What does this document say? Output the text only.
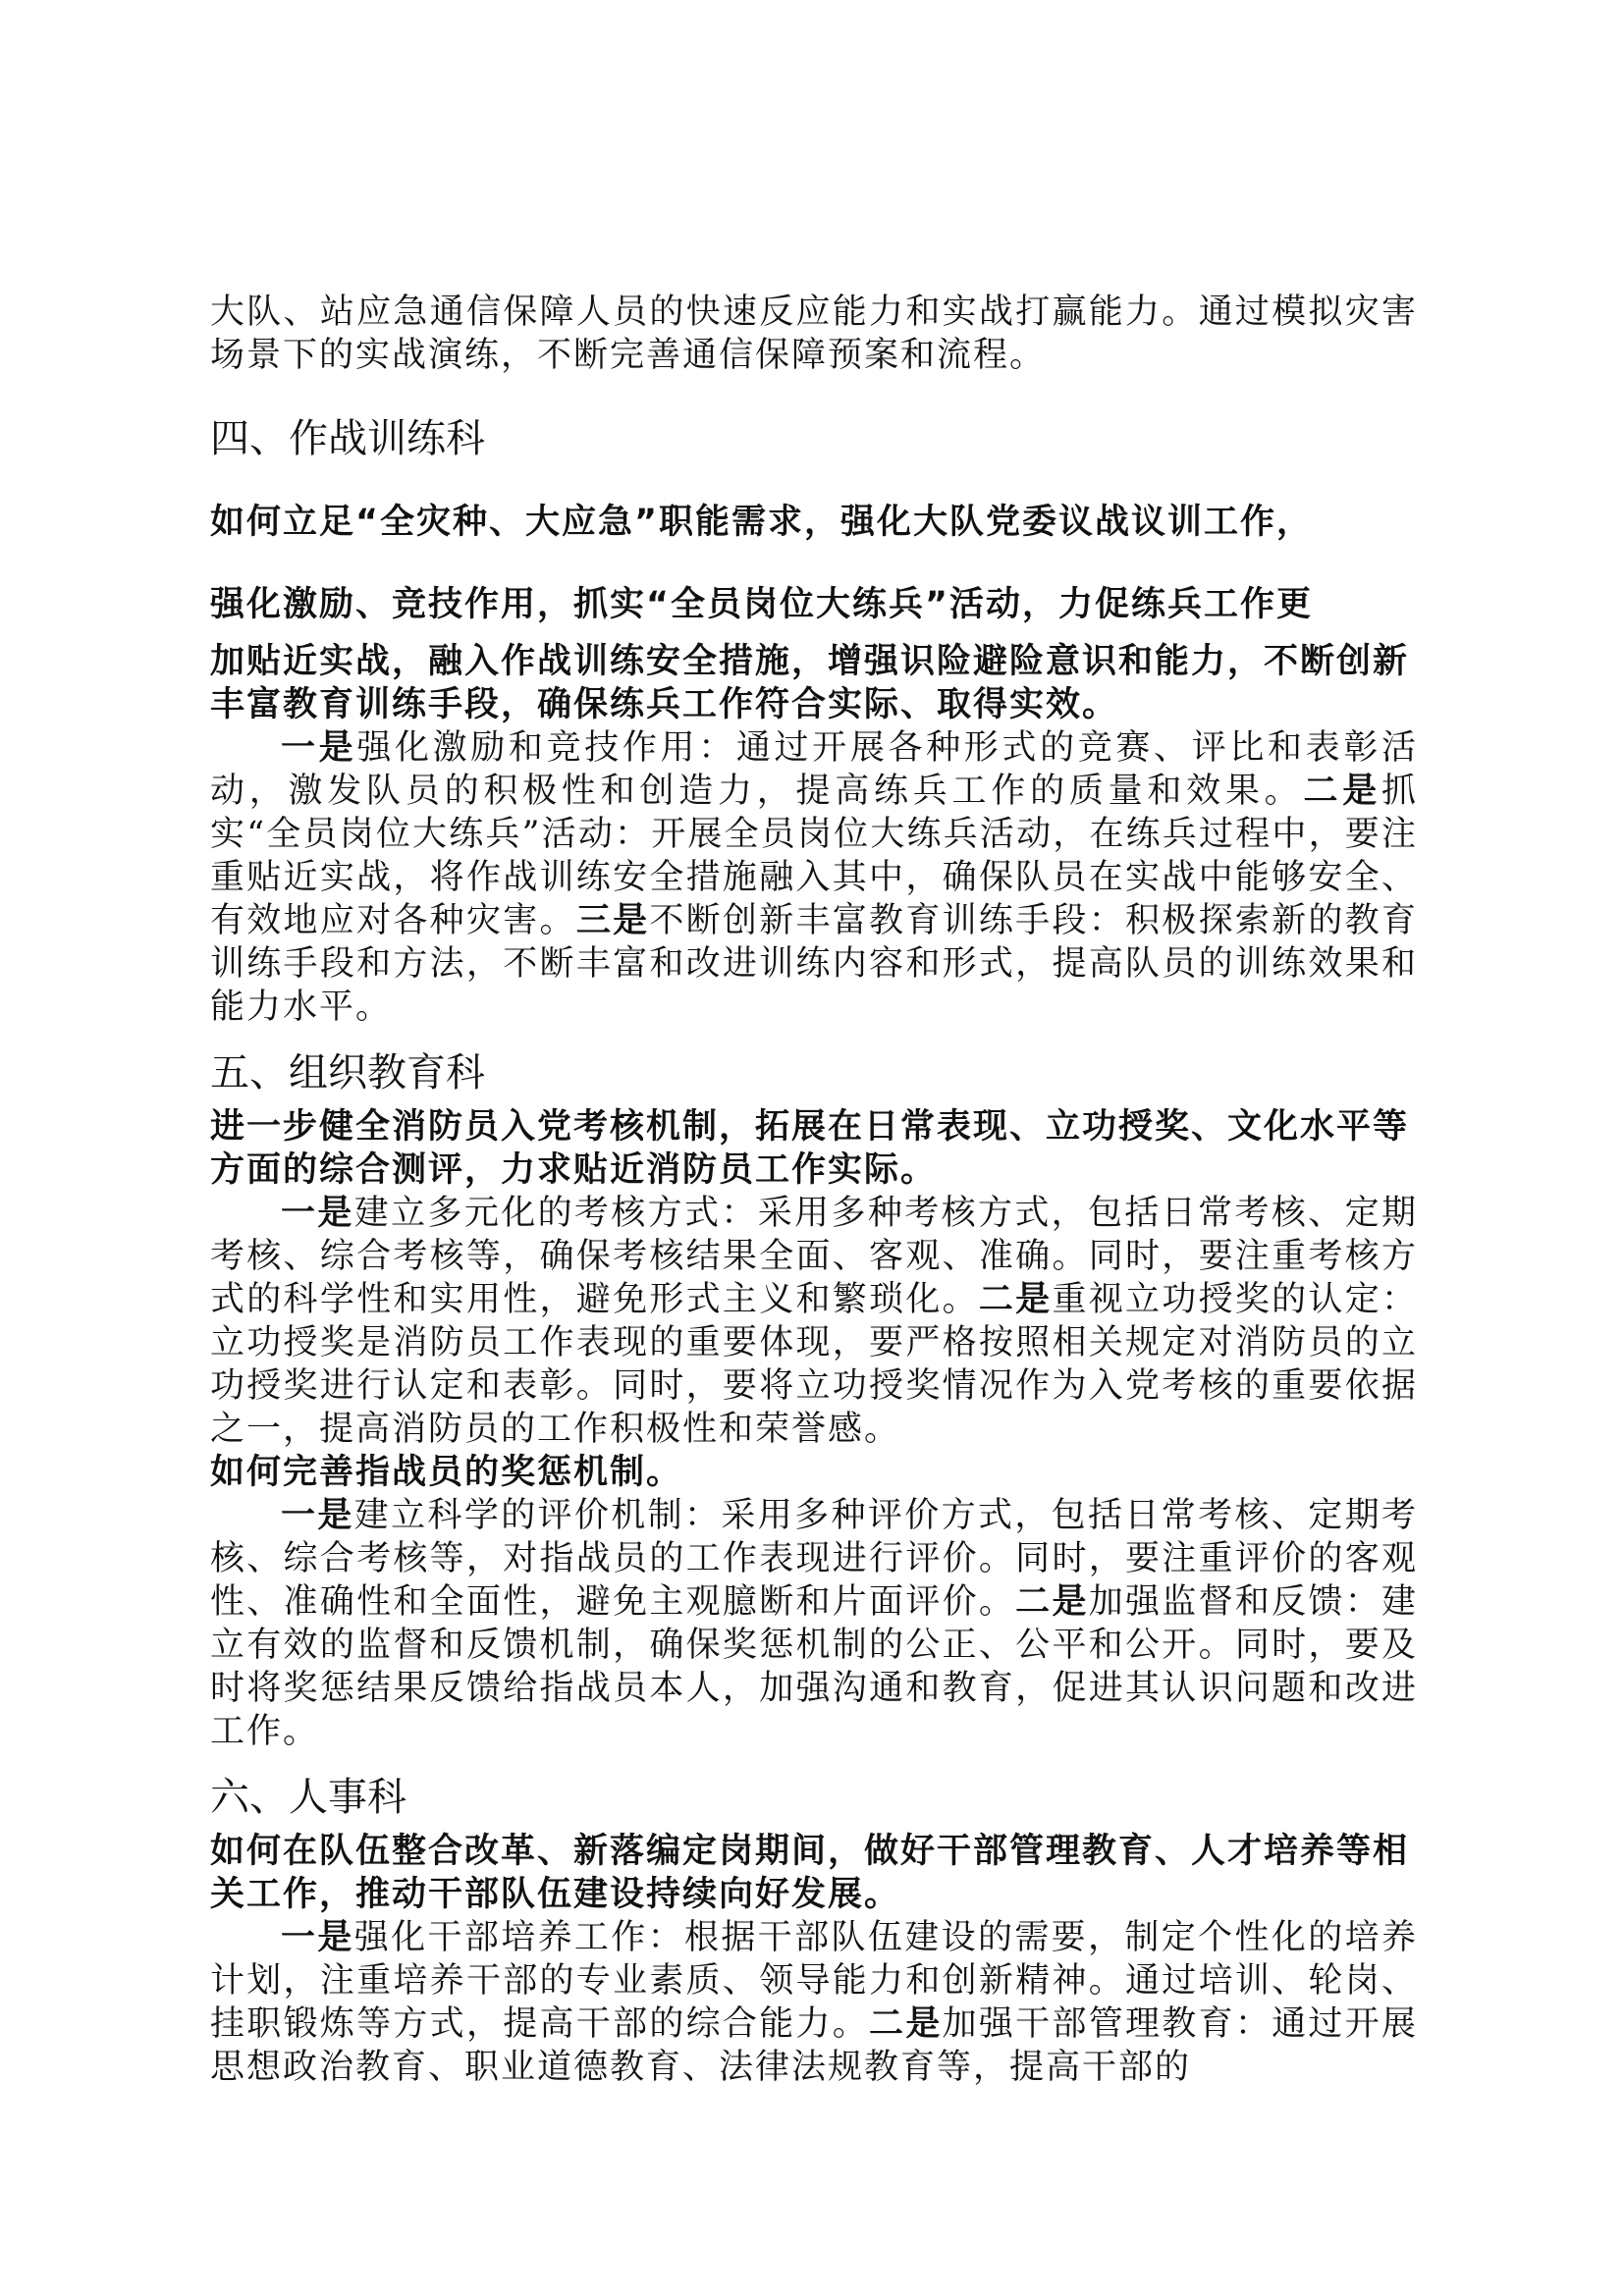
大队、站应急通信保障人员的快速反应能力和实战打赢能力。通过模拟灾害场景下的实战演练，不断完善通信保障预案和流程。

四、作战训练科

如何立足“全灾种、大应急”职能需求，强化大队党委议战议训工作，

强化激励、竞技作用，抓实“全员岗位大练兵”活动，力促练兵工作更

加贴近实战，融入作战训练安全措施，增强识险避险意识和能力，不断创新丰富教育训练手段，确保练兵工作符合实际、取得实效。

一是强化激励和竞技作用：通过开展各种形式的竞赛、评比和表彰活动，激发队员的积极性和创造力，提高练兵工作的质量和效果。二是抓实“全员岗位大练兵”活动：开展全员岗位大练兵活动，在练兵过程中，要注重贴近实战，将作战训练安全措施融入其中，确保队员在实战中能够安全、有效地应对各种灾害。三是不断创新丰富教育训练手段：积极探索新的教育训练手段和方法，不断丰富和改进训练内容和形式，提高队员的训练效果和能力水平。

五、组织教育科

进一步健全消防员入党考核机制，拓展在日常表现、立功授奖、文化水平等方面的综合测评，力求贴近消防员工作实际。

一是建立多元化的考核方式：采用多种考核方式，包括日常考核、定期考核、综合考核等，确保考核结果全面、客观、准确。同时，要注重考核方式的科学性和实用性，避免形式主义和繁琐化。二是重视立功授奖的认定：立功授奖是消防员工作表现的重要体现，要严格按照相关规定对消防员的立功授奖进行认定和表彰。同时，要将立功授奖情况作为入党考核的重要依据之一，提高消防员的工作积极性和荣誉感。

如何完善指战员的奖惩机制。

一是建立科学的评价机制：采用多种评价方式，包括日常考核、定期考核、综合考核等，对指战员的工作表现进行评价。同时，要注重评价的客观性、准确性和全面性，避免主观臆断和片面评价。二是加强监督和反馈：建立有效的监督和反馈机制，确保奖惩机制的公正、公平和公开。同时，要及时将奖惩结果反馈给指战员本人，加强沟通和教育，促进其认识问题和改进工作。

六、人事科

如何在队伍整合改革、新落编定岗期间，做好干部管理教育、人才培养等相关工作，推动干部队伍建设持续向好发展。

一是强化干部培养工作：根据干部队伍建设的需要，制定个性化的培养计划，注重培养干部的专业素质、领导能力和创新精神。通过培训、轮岗、挂职锻炼等方式，提高干部的综合能力。二是加强干部管理教育：通过开展思想政治教育、职业道德教育、法律法规教育等，提高干部的
